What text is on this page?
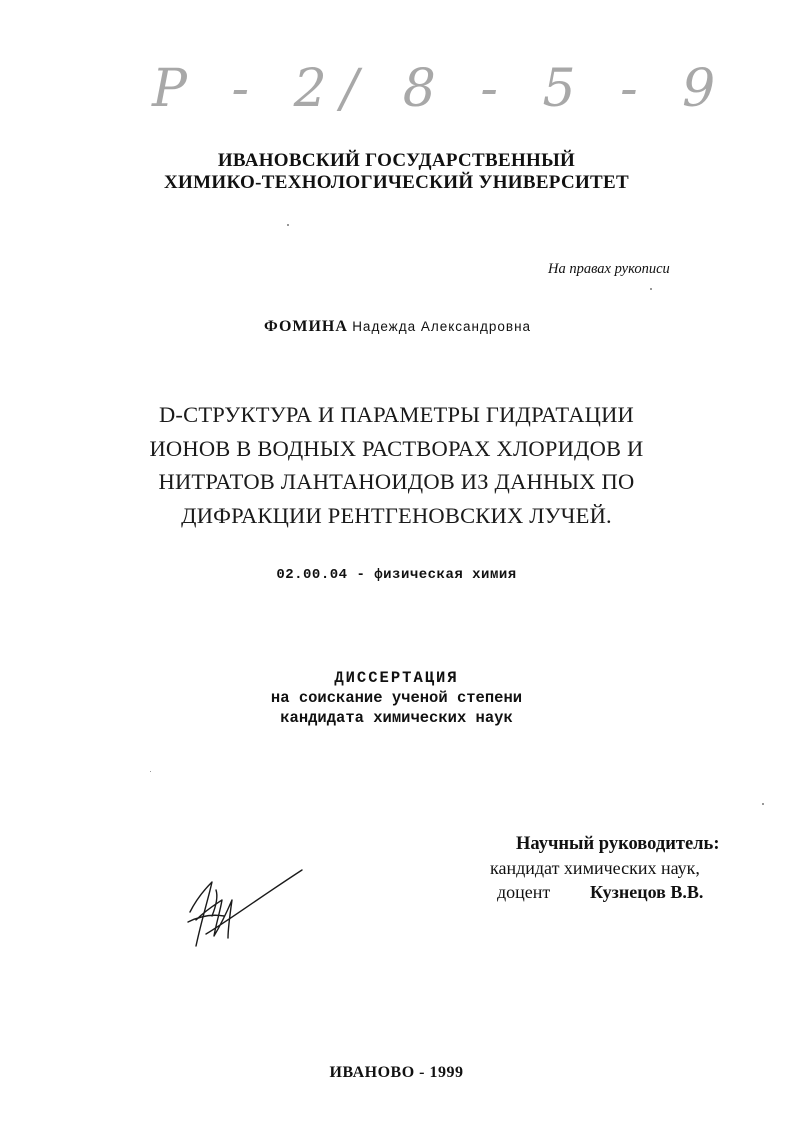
Р - 2/ 8 - 5 - 9
ИВАНОВСКИЙ ГОСУДАРСТВЕННЫЙ
ХИМИКО-ТЕХНОЛОГИЧЕСКИЙ УНИВЕРСИТЕТ
На правах рукописи
ФОМИНА Надежда Александровна
D-СТРУКТУРА И ПАРАМЕТРЫ ГИДРАТАЦИИ
ИОНОВ В ВОДНЫХ РАСТВОРАХ ХЛОРИДОВ И
НИТРАТОВ ЛАНТАНОИДОВ ИЗ ДАННЫХ ПО
ДИФРАКЦИИ РЕНТГЕНОВСКИХ ЛУЧЕЙ.
02.00.04 - физическая химия
ДИССЕРТАЦИЯ
на соискание ученой степени
кандидата химических наук
Научный руководитель:
кандидат химических наук,
доцент Кузнецов В.В.
ИВАНОВО - 1999
